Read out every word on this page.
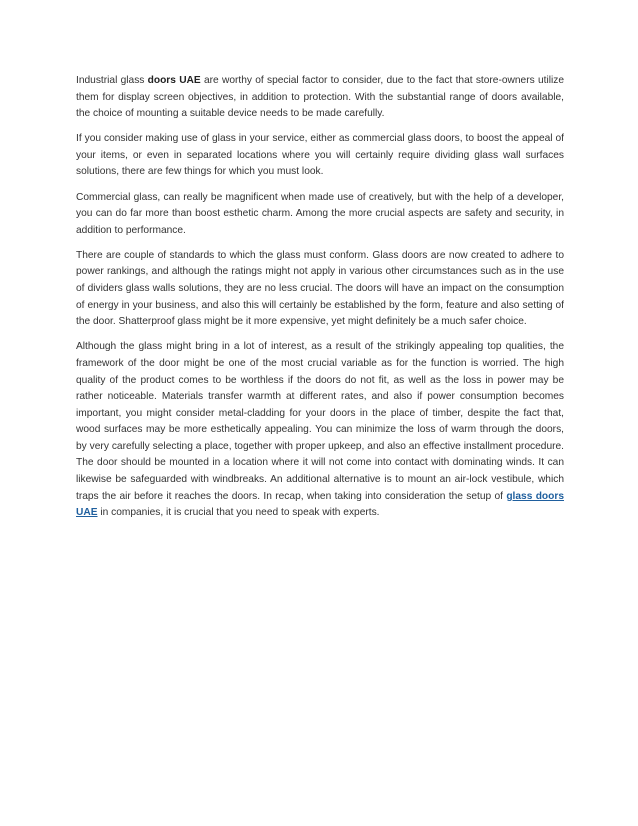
Industrial glass doors UAE are worthy of special factor to consider, due to the fact that store-owners utilize them for display screen objectives, in addition to protection. With the substantial range of doors available, the choice of mounting a suitable device needs to be made carefully.

If you consider making use of glass in your service, either as commercial glass doors, to boost the appeal of your items, or even in separated locations where you will certainly require dividing glass wall surfaces solutions, there are few things for which you must look.

Commercial glass, can really be magnificent when made use of creatively, but with the help of a developer, you can do far more than boost esthetic charm. Among the more crucial aspects are safety and security, in addition to performance.

There are couple of standards to which the glass must conform. Glass doors are now created to adhere to power rankings, and although the ratings might not apply in various other circumstances such as in the use of dividers glass walls solutions, they are no less crucial. The doors will have an impact on the consumption of energy in your business, and also this will certainly be established by the form, feature and also setting of the door. Shatterproof glass might be it more expensive, yet might definitely be a much safer choice.

Although the glass might bring in a lot of interest, as a result of the strikingly appealing top qualities, the framework of the door might be one of the most crucial variable as for the function is worried. The high quality of the product comes to be worthless if the doors do not fit, as well as the loss in power may be rather noticeable. Materials transfer warmth at different rates, and also if power consumption becomes important, you might consider metal-cladding for your doors in the place of timber, despite the fact that, wood surfaces may be more esthetically appealing. You can minimize the loss of warm through the doors, by very carefully selecting a place, together with proper upkeep, and also an effective installment procedure. The door should be mounted in a location where it will not come into contact with dominating winds. It can likewise be safeguarded with windbreaks. An additional alternative is to mount an air-lock vestibule, which traps the air before it reaches the doors. In recap, when taking into consideration the setup of glass doors UAE in companies, it is crucial that you need to speak with experts.
